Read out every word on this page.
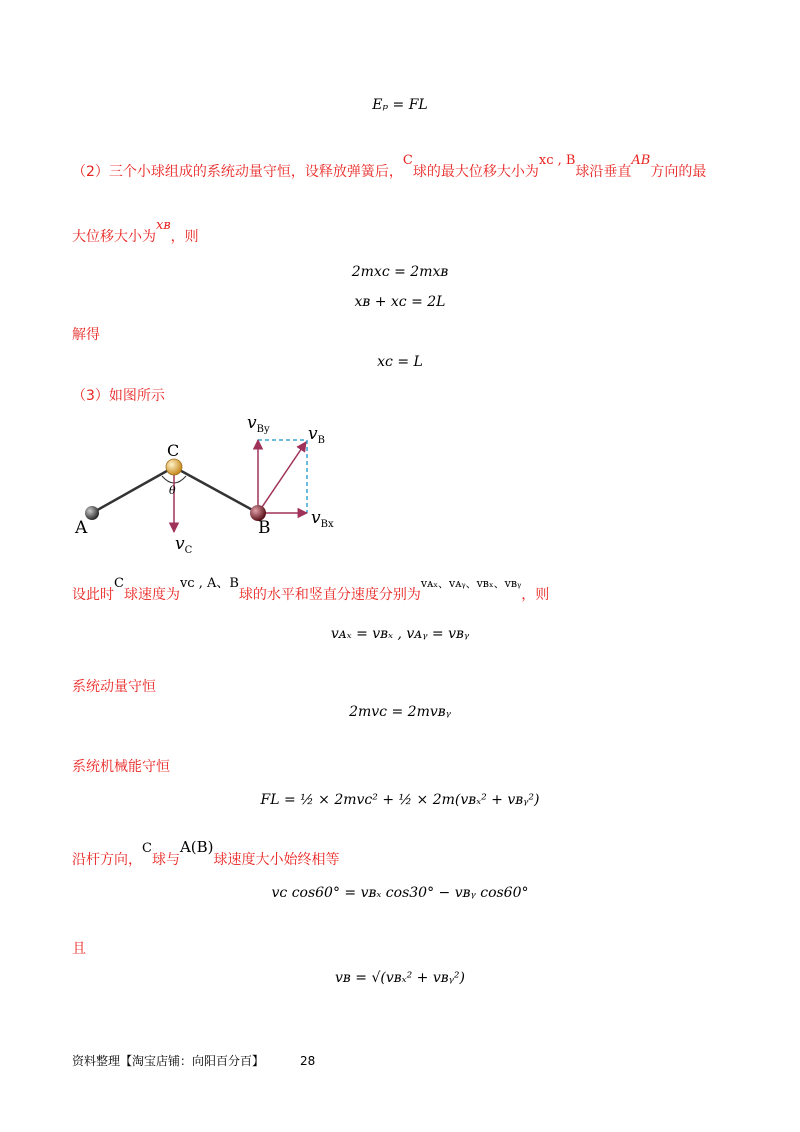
Eₚ = FL
（2）三个小球组成的系统动量守恒，设释放弹簧后，C球的最大位移大小为xᴄ , B球沿垂直AB方向的最
大位移大小为xʙ，则
2mxᴄ = 2mxʙ
xʙ + xᴄ = 2L
解得
xᴄ = L
（3）如图所示
$v_{By}$ $v_B$
C
θ
A	B $v_{Bx}$
$v_C$
设此时C球速度为vᴄ , A、B球的水平和竖直分速度分别为$^{vᴀ_x、vᴀᵧ、vʙ_x、vʙᵧ}$，则
vᴀₓ = vʙₓ , vᴀᵧ = vʙᵧ
系统动量守恒
2mvᴄ = 2mvʙᵧ
系统机械能守恒
FL = ½ × 2mvᴄ² + ½ × 2m(vʙₓ² + vʙᵧ²)
沿杆方向，C球与A(B)球速度大小始终相等
vᴄ cos60° = vʙₓ cos30° − vʙᵧ cos60°
且
vʙ = √(vʙₓ² + vʙᵧ²)
资料整理【淘宝店铺：向阳百分百】	28
